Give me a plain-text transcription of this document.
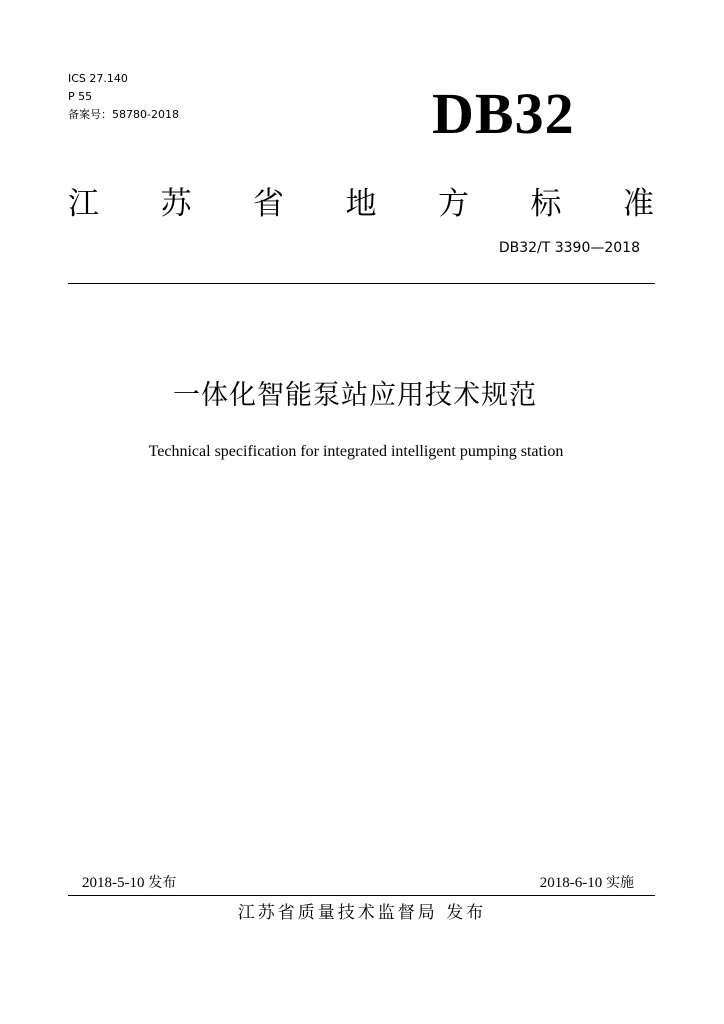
ICS 27.140
P 55
备案号：58780-2018	DB32
江 苏 省 地 方 标 准
DB32/T 3390—2018
一体化智能泵站应用技术规范
Technical specification for integrated intelligent pumping station
2018-5-10 发布	2018-6-10 实施
江苏省质量技术监督局 发布
